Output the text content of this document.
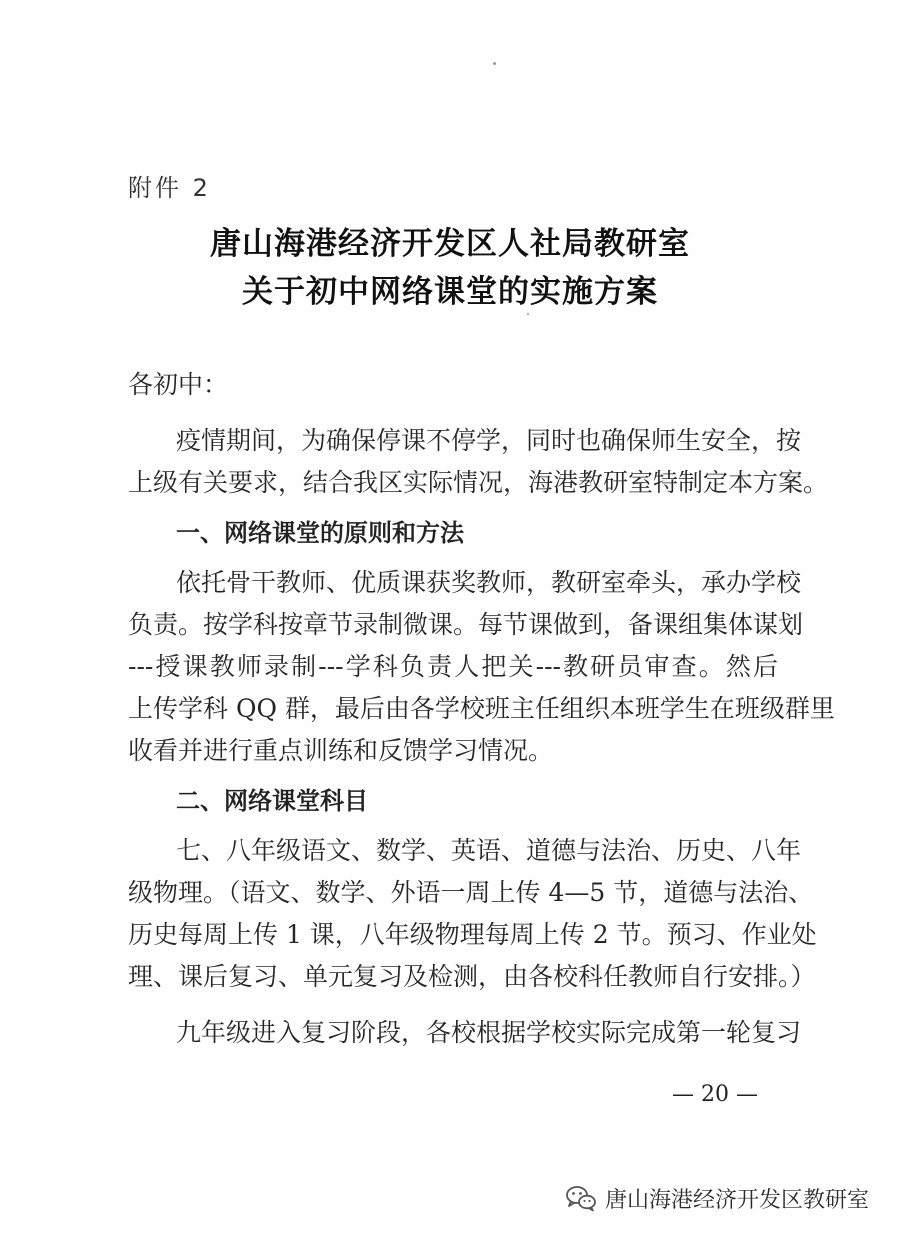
附件 2
唐山海港经济开发区人社局教研室
关于初中网络课堂的实施方案
各初中：
疫情期间，为确保停课不停学，同时也确保师生安全，按
上级有关要求，结合我区实际情况，海港教研室特制定本方案。
一、网络课堂的原则和方法
依托骨干教师、优质课获奖教师，教研室牵头，承办学校
负责。按学科按章节录制微课。每节课做到，备课组集体谋划
---授课教师录制---学科负责人把关---教研员审查。然后
上传学科 QQ 群，最后由各学校班主任组织本班学生在班级群里
收看并进行重点训练和反馈学习情况。
二、网络课堂科目
七、八年级语文、数学、英语、道德与法治、历史、八年
级物理。（语文、数学、外语一周上传 4—5 节，道德与法治、
历史每周上传 1 课，八年级物理每周上传 2 节。预习、作业处
理、课后复习、单元复习及检测，由各校科任教师自行安排。）
九年级进入复习阶段，各校根据学校实际完成第一轮复习
— 20 —
唐山海港经济开发区教研室
